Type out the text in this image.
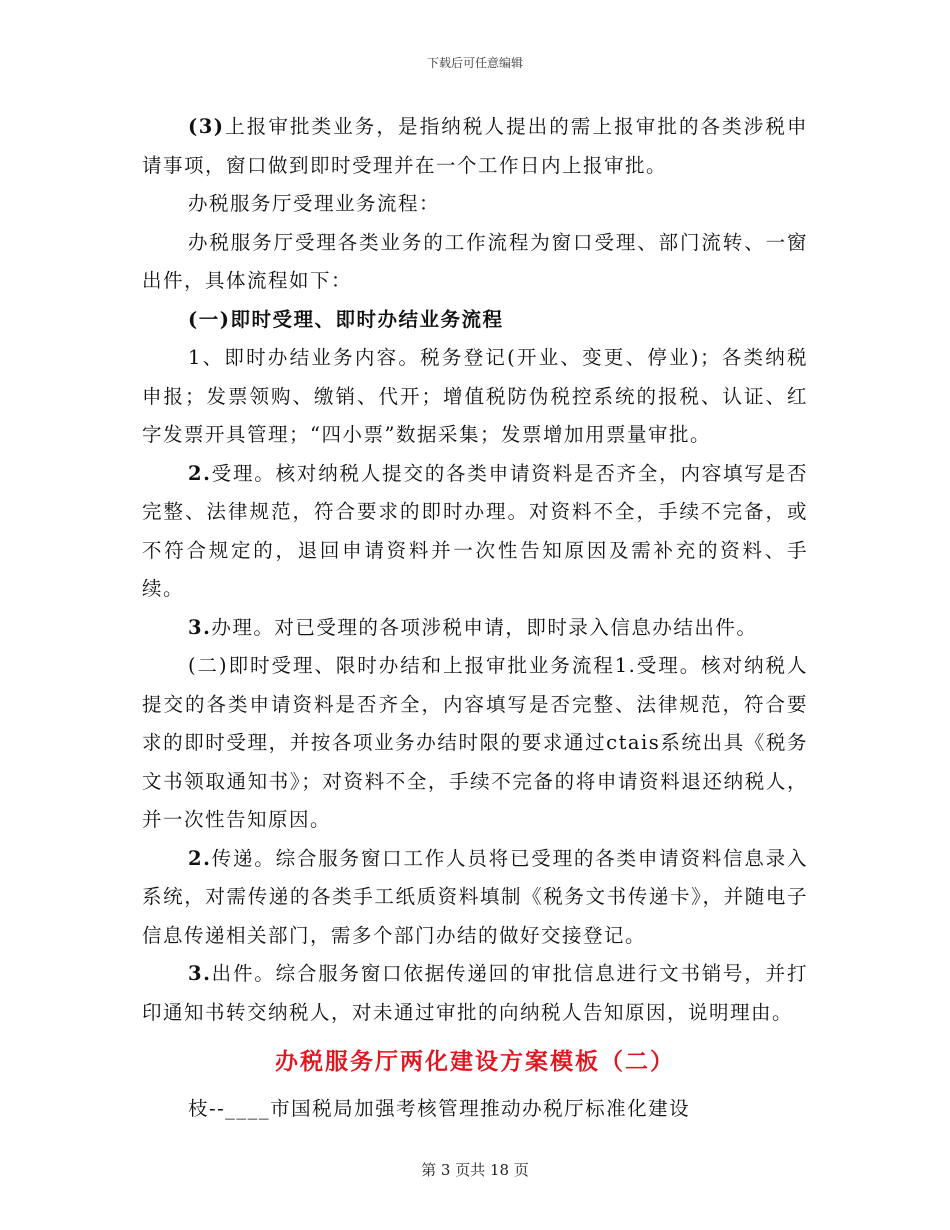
下载后可任意编辑

(3)上报审批类业务，是指纳税人提出的需上报审批的各类涉税申请事项，窗口做到即时受理并在一个工作日内上报审批。

办税服务厅受理业务流程：

办税服务厅受理各类业务的工作流程为窗口受理、部门流转、一窗出件，具体流程如下：

(一)即时受理、即时办结业务流程

1、即时办结业务内容。税务登记(开业、变更、停业)；各类纳税申报；发票领购、缴销、代开；增值税防伪税控系统的报税、认证、红字发票开具管理；“四小票”数据采集；发票增加用票量审批。

2.受理。核对纳税人提交的各类申请资料是否齐全，内容填写是否完整、法律规范，符合要求的即时办理。对资料不全，手续不完备，或不符合规定的，退回申请资料并一次性告知原因及需补充的资料、手续。

3.办理。对已受理的各项涉税申请，即时录入信息办结出件。

(二)即时受理、限时办结和上报审批业务流程1.受理。核对纳税人提交的各类申请资料是否齐全，内容填写是否完整、法律规范，符合要求的即时受理，并按各项业务办结时限的要求通过ctais系统出具《税务文书领取通知书》；对资料不全，手续不完备的将申请资料退还纳税人，并一次性告知原因。

2.传递。综合服务窗口工作人员将已受理的各类申请资料信息录入系统，对需传递的各类手工纸质资料填制《税务文书传递卡》，并随电子信息传递相关部门，需多个部门办结的做好交接登记。

3.出件。综合服务窗口依据传递回的审批信息进行文书销号，并打印通知书转交纳税人，对未通过审批的向纳税人告知原因，说明理由。

办税服务厅两化建设方案模板（二）

枝--____市国税局加强考核管理推动办税厅标准化建设

第 3 页共 18 页
